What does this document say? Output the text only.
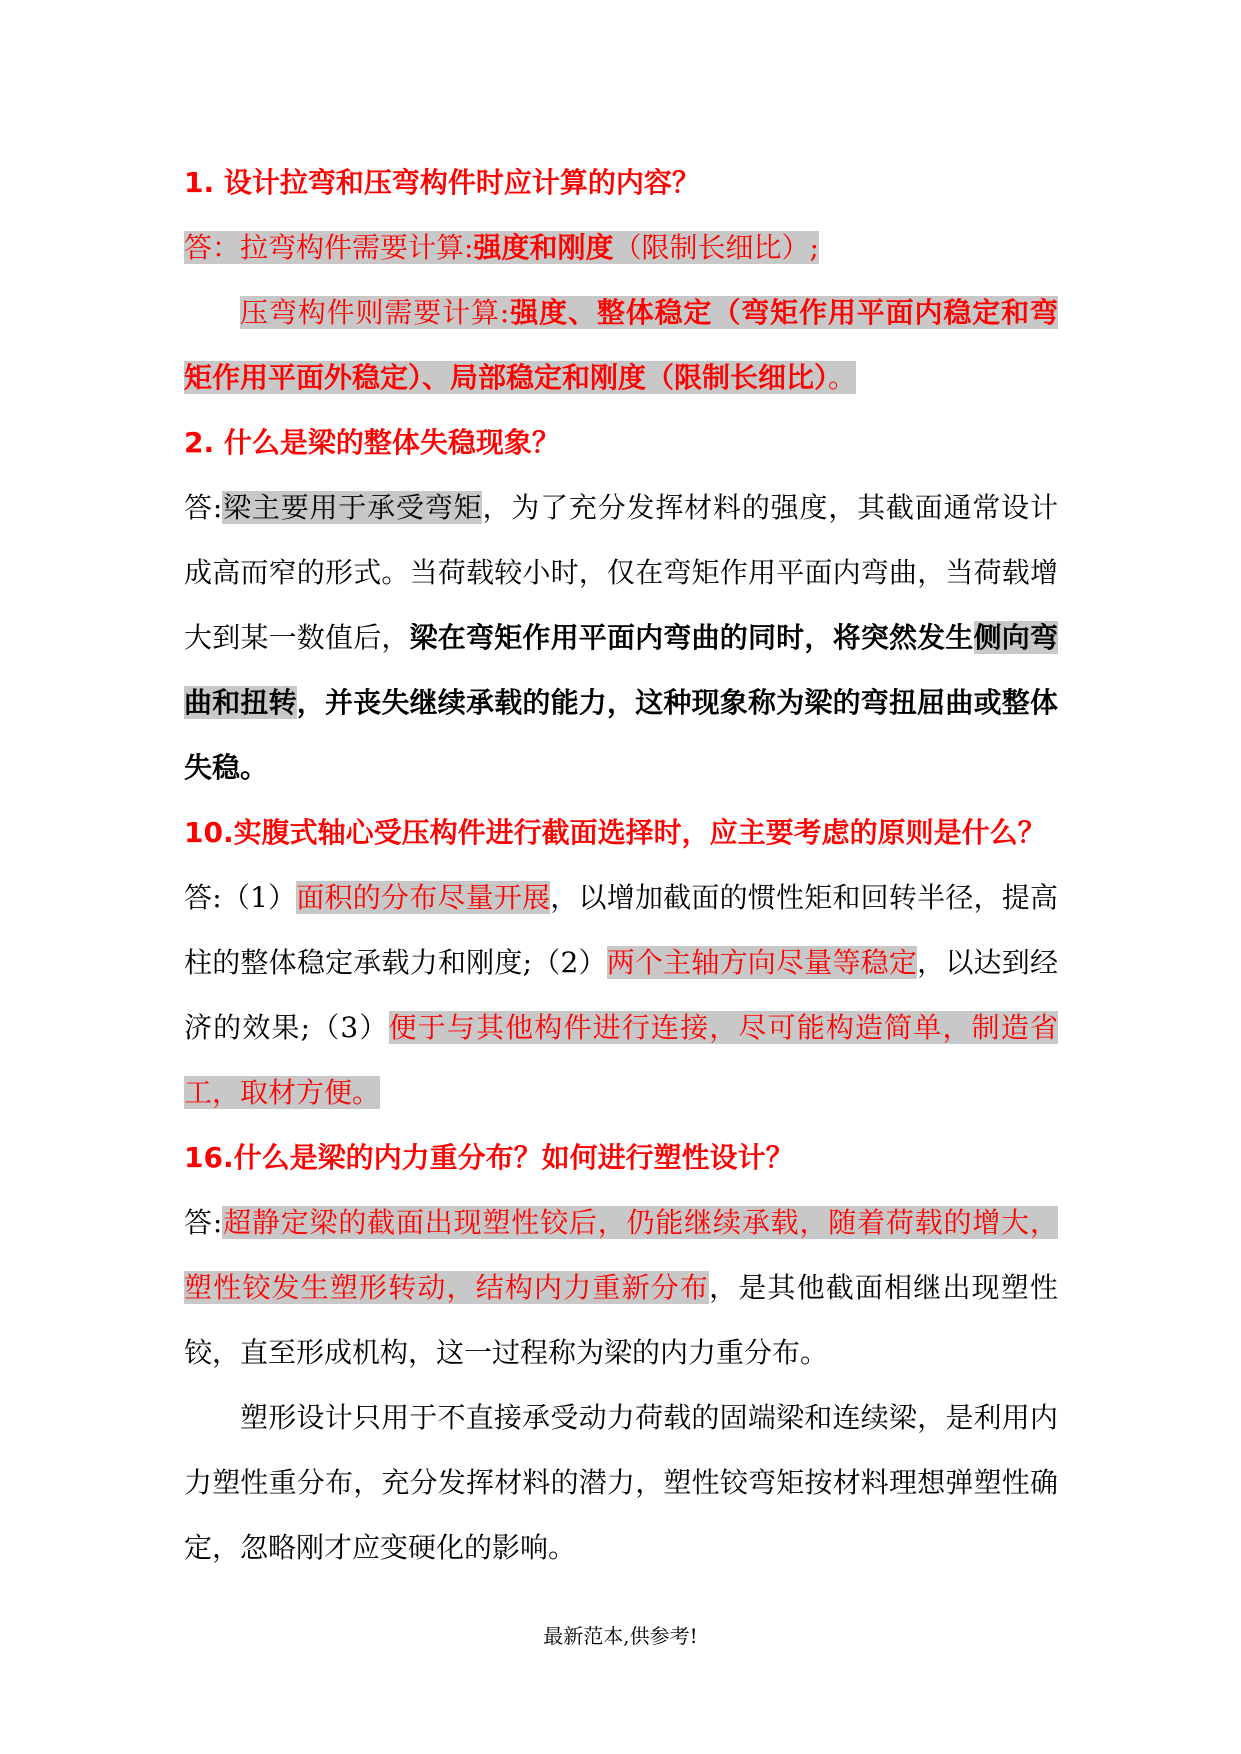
1. 设计拉弯和压弯构件时应计算的内容？

答：拉弯构件需要计算:强度和刚度（限制长细比）;

压弯构件则需要计算:强度、整体稳定（弯矩作用平面内稳定和弯矩作用平面外稳定）、局部稳定和刚度（限制长细比）。

2. 什么是梁的整体失稳现象？

答:梁主要用于承受弯矩，为了充分发挥材料的强度，其截面通常设计成高而窄的形式。当荷载较小时，仅在弯矩作用平面内弯曲，当荷载增大到某一数值后，梁在弯矩作用平面内弯曲的同时，将突然发生侧向弯曲和扭转，并丧失继续承载的能力，这种现象称为梁的弯扭屈曲或整体失稳。

10.实腹式轴心受压构件进行截面选择时，应主要考虑的原则是什么？

答:（1）面积的分布尽量开展，以增加截面的惯性矩和回转半径，提高柱的整体稳定承载力和刚度;（2）两个主轴方向尽量等稳定，以达到经济的效果;（3）便于与其他构件进行连接，尽可能构造简单，制造省工，取材方便。

16.什么是梁的内力重分布？如何进行塑性设计？

答:超静定梁的截面出现塑性铰后，仍能继续承载，随着荷载的增大，塑性铰发生塑形转动，结构内力重新分布，是其他截面相继出现塑性铰，直至形成机构，这一过程称为梁的内力重分布。

塑形设计只用于不直接承受动力荷载的固端梁和连续梁，是利用内力塑性重分布，充分发挥材料的潜力，塑性铰弯矩按材料理想弹塑性确定，忽略刚才应变硬化的影响。

最新范本,供参考!
